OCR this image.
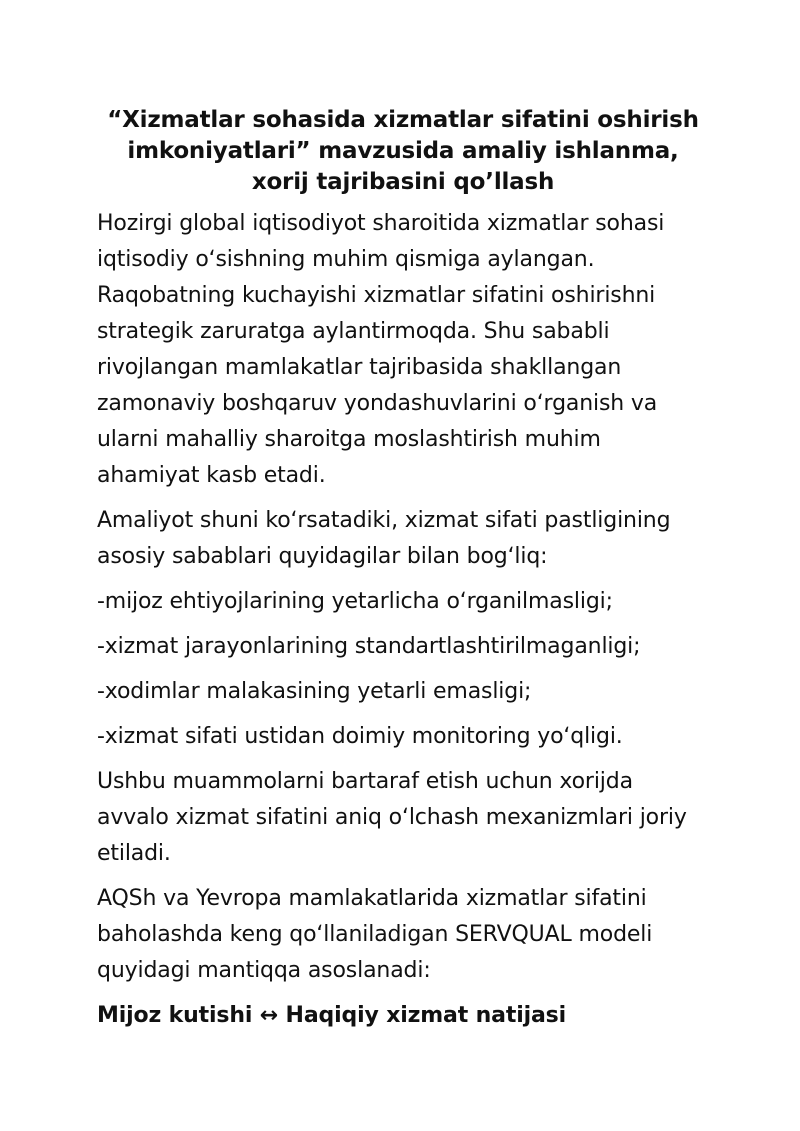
“Xizmatlar sohasida xizmatlar sifatini oshirish imkoniyatlari” mavzusida amaliy ishlanma, xorij tajribasini qo’llash

Hozirgi global iqtisodiyot sharoitida xizmatlar sohasi iqtisodiy oʻsishning muhim qismiga aylangan. Raqobatning kuchayishi xizmatlar sifatini oshirishni strategik zaruratga aylantirmoqda. Shu sababli rivojlangan mamlakatlar tajribasida shakllangan zamonaviy boshqaruv yondashuvlarini oʻrganish va ularni mahalliy sharoitga moslashtirish muhim ahamiyat kasb etadi.

Amaliyot shuni koʻrsatadiki, xizmat sifati pastligining asosiy sabablari quyidagilar bilan bogʻliq:

-mijoz ehtiyojlarining yetarlicha oʻrganilmasligi;
-xizmat jarayonlarining standartlashtirilmaganligi;
-xodimlar malakasining yetarli emasligi;
-xizmat sifati ustidan doimiy monitoring yoʻqligi.

Ushbu muammolarni bartaraf etish uchun xorijda avvalo xizmat sifatini aniq oʻlchash mexanizmlari joriy etiladi.

AQSh va Yevropa mamlakatlarida xizmatlar sifatini baholashda keng qoʻllaniladigan SERVQUAL modeli quyidagi mantiqqa asoslanadi:

Mijoz kutishi ↔ Haqiqiy xizmat natijasi
